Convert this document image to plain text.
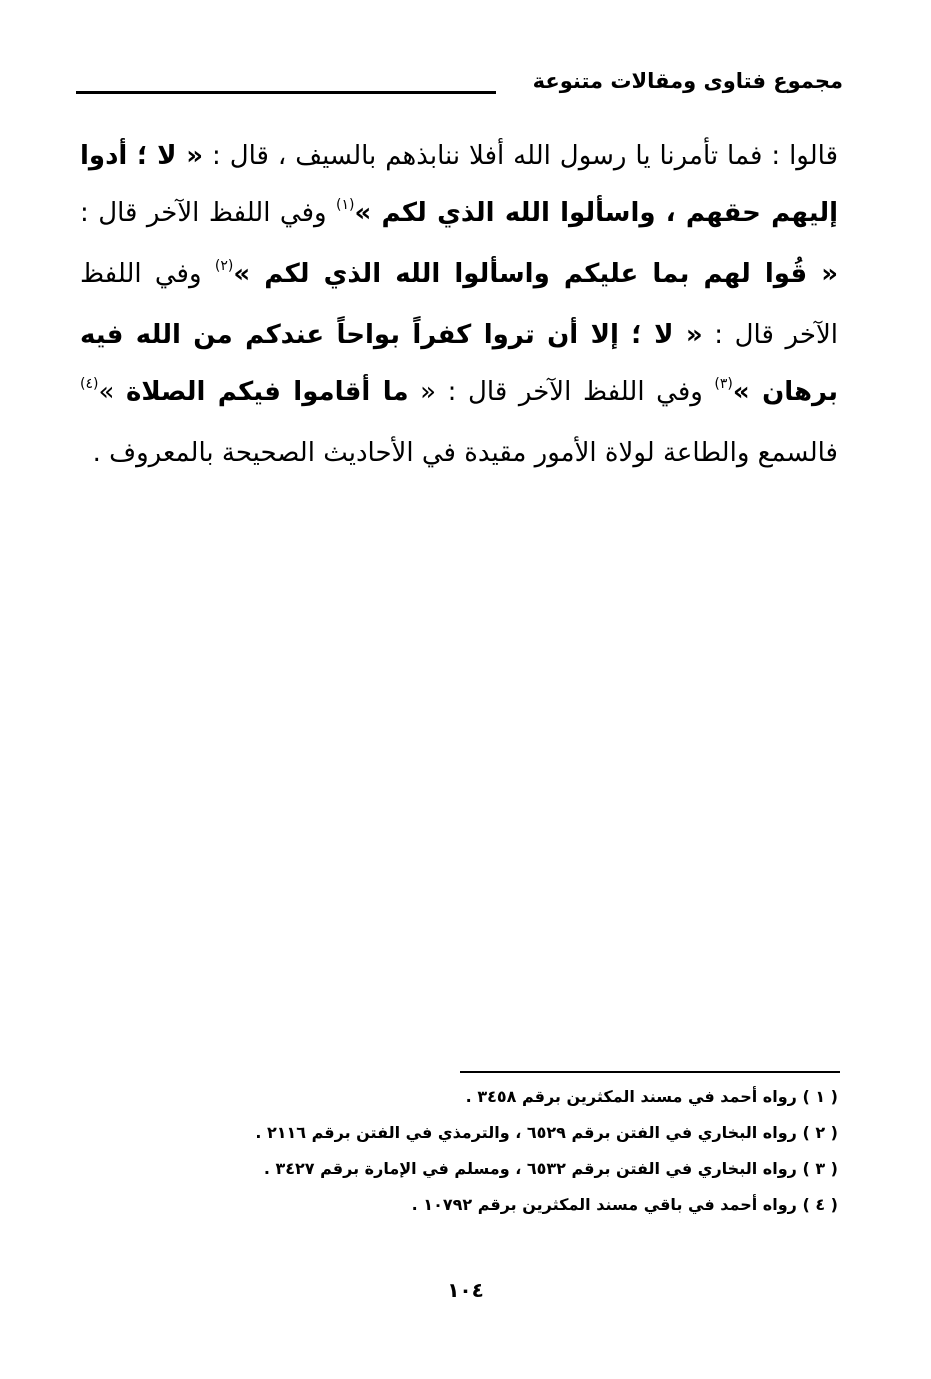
مجموع فتاوى ومقالات متنوعة
قالوا : فما تأمرنا يا رسول الله أفلا ننابذهم بالسيف ، قال : « لا ؛ أدوا إليهم حقهم ، واسألوا الله الذي لكم »$^{(١)}$ وفي اللفظ الآخر قال : « قُوا لهم بما عليكم واسألوا الله الذي لكم »$^{(٢)}$ وفي اللفظ الآخر قال : « لا ؛ إلا أن تروا كفراً بواحاً عندكم من الله فيه برهان »$^{(٣)}$ وفي اللفظ الآخر قال : « ما أقاموا فيكم الصلاة »$^{(٤)}$ فالسمع والطاعة لولاة الأمور مقيدة في الأحاديث الصحيحة بالمعروف .
( ١ ) رواه أحمد في مسند المكثرين برقم ٣٤٥٨ .
( ٢ ) رواه البخاري في الفتن برقم ٦٥٢٩ ، والترمذي في الفتن برقم ٢١١٦ .
( ٣ ) رواه البخاري في الفتن برقم ٦٥٣٢ ، ومسلم في الإمارة برقم ٣٤٢٧ .
( ٤ ) رواه أحمد في باقي مسند المكثرين برقم ١٠٧٩٢ .
١٠٤
